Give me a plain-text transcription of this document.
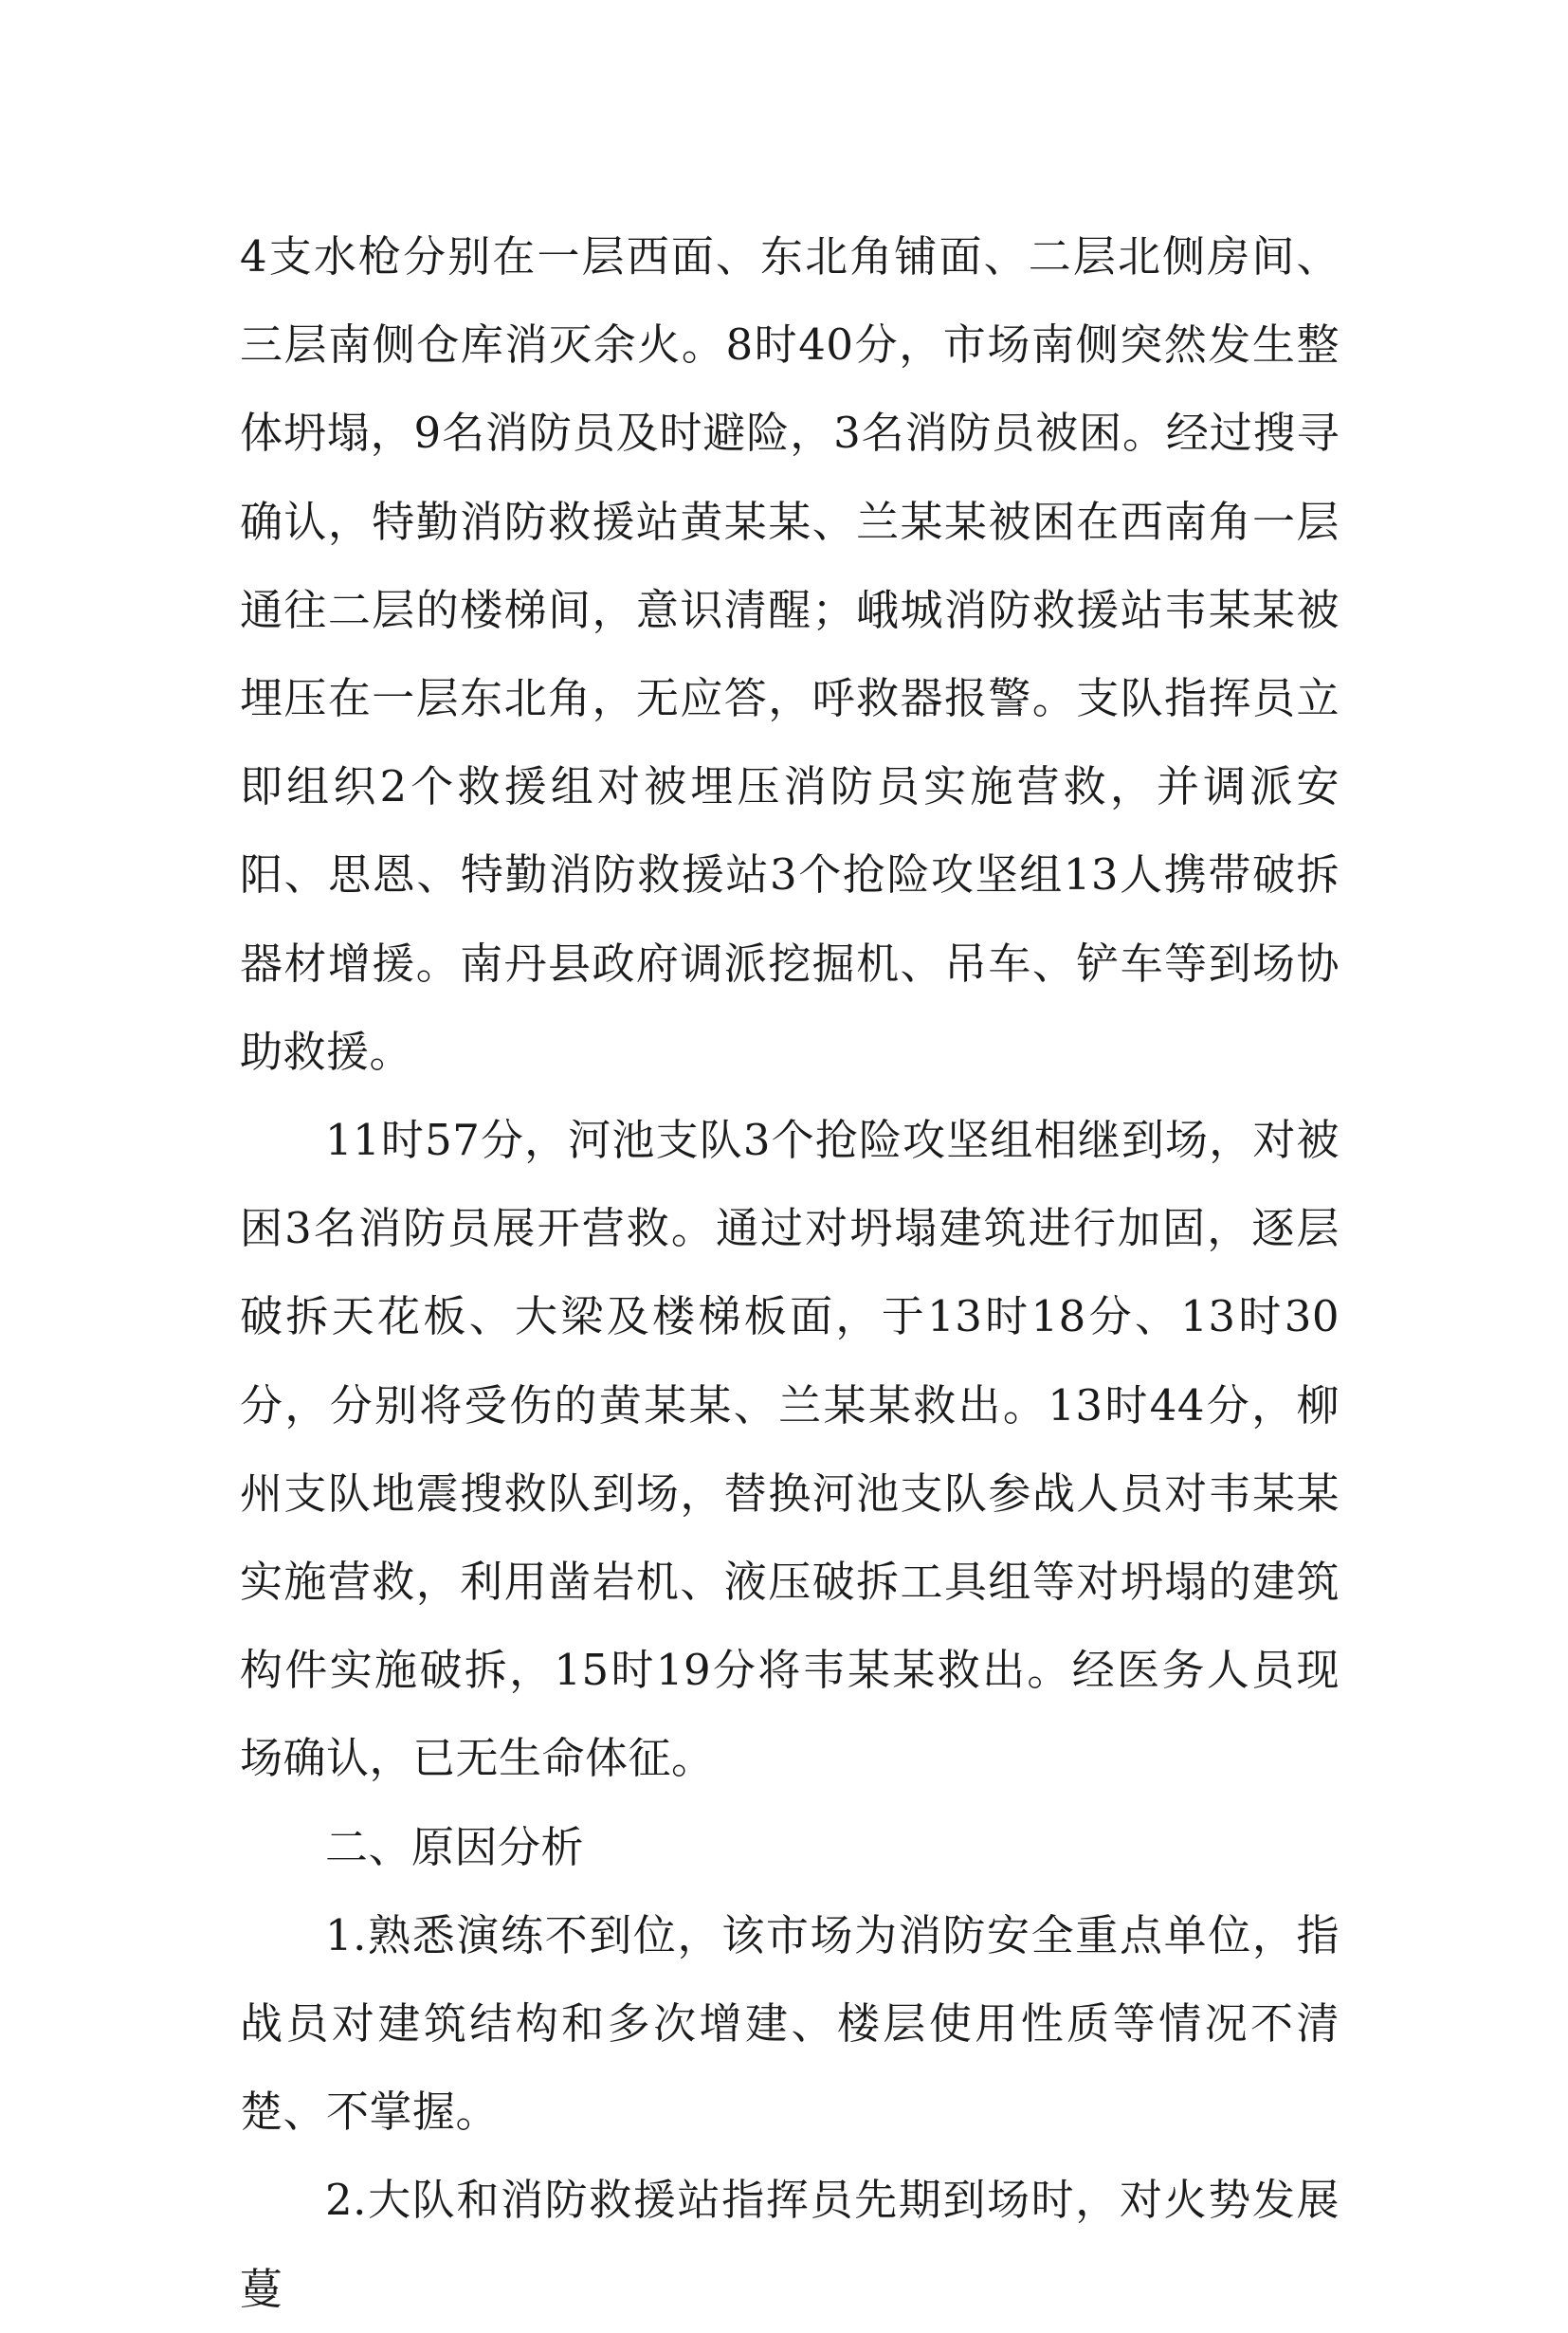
4支水枪分别在一层西面、东北角铺面、二层北侧房间、三层南侧仓库消灭余火。8时40分，市场南侧突然发生整体坍塌，9名消防员及时避险，3名消防员被困。经过搜寻确认，特勤消防救援站黄某某、兰某某被困在西南角一层通往二层的楼梯间，意识清醒；峨城消防救援站韦某某被埋压在一层东北角，无应答，呼救器报警。支队指挥员立即组织2个救援组对被埋压消防员实施营救，并调派安阳、思恩、特勤消防救援站3个抢险攻坚组13人携带破拆器材增援。南丹县政府调派挖掘机、吊车、铲车等到场协助救援。

11时57分，河池支队3个抢险攻坚组相继到场，对被困3名消防员展开营救。通过对坍塌建筑进行加固，逐层破拆天花板、大梁及楼梯板面，于13时18分、13时30分，分别将受伤的黄某某、兰某某救出。13时44分，柳州支队地震搜救队到场，替换河池支队参战人员对韦某某实施营救，利用凿岩机、液压破拆工具组等对坍塌的建筑构件实施破拆，15时19分将韦某某救出。经医务人员现场确认，已无生命体征。

二、原因分析

1.熟悉演练不到位，该市场为消防安全重点单位，指战员对建筑结构和多次增建、楼层使用性质等情况不清楚、不掌握。

2.大队和消防救援站指挥员先期到场时，对火势发展蔓
